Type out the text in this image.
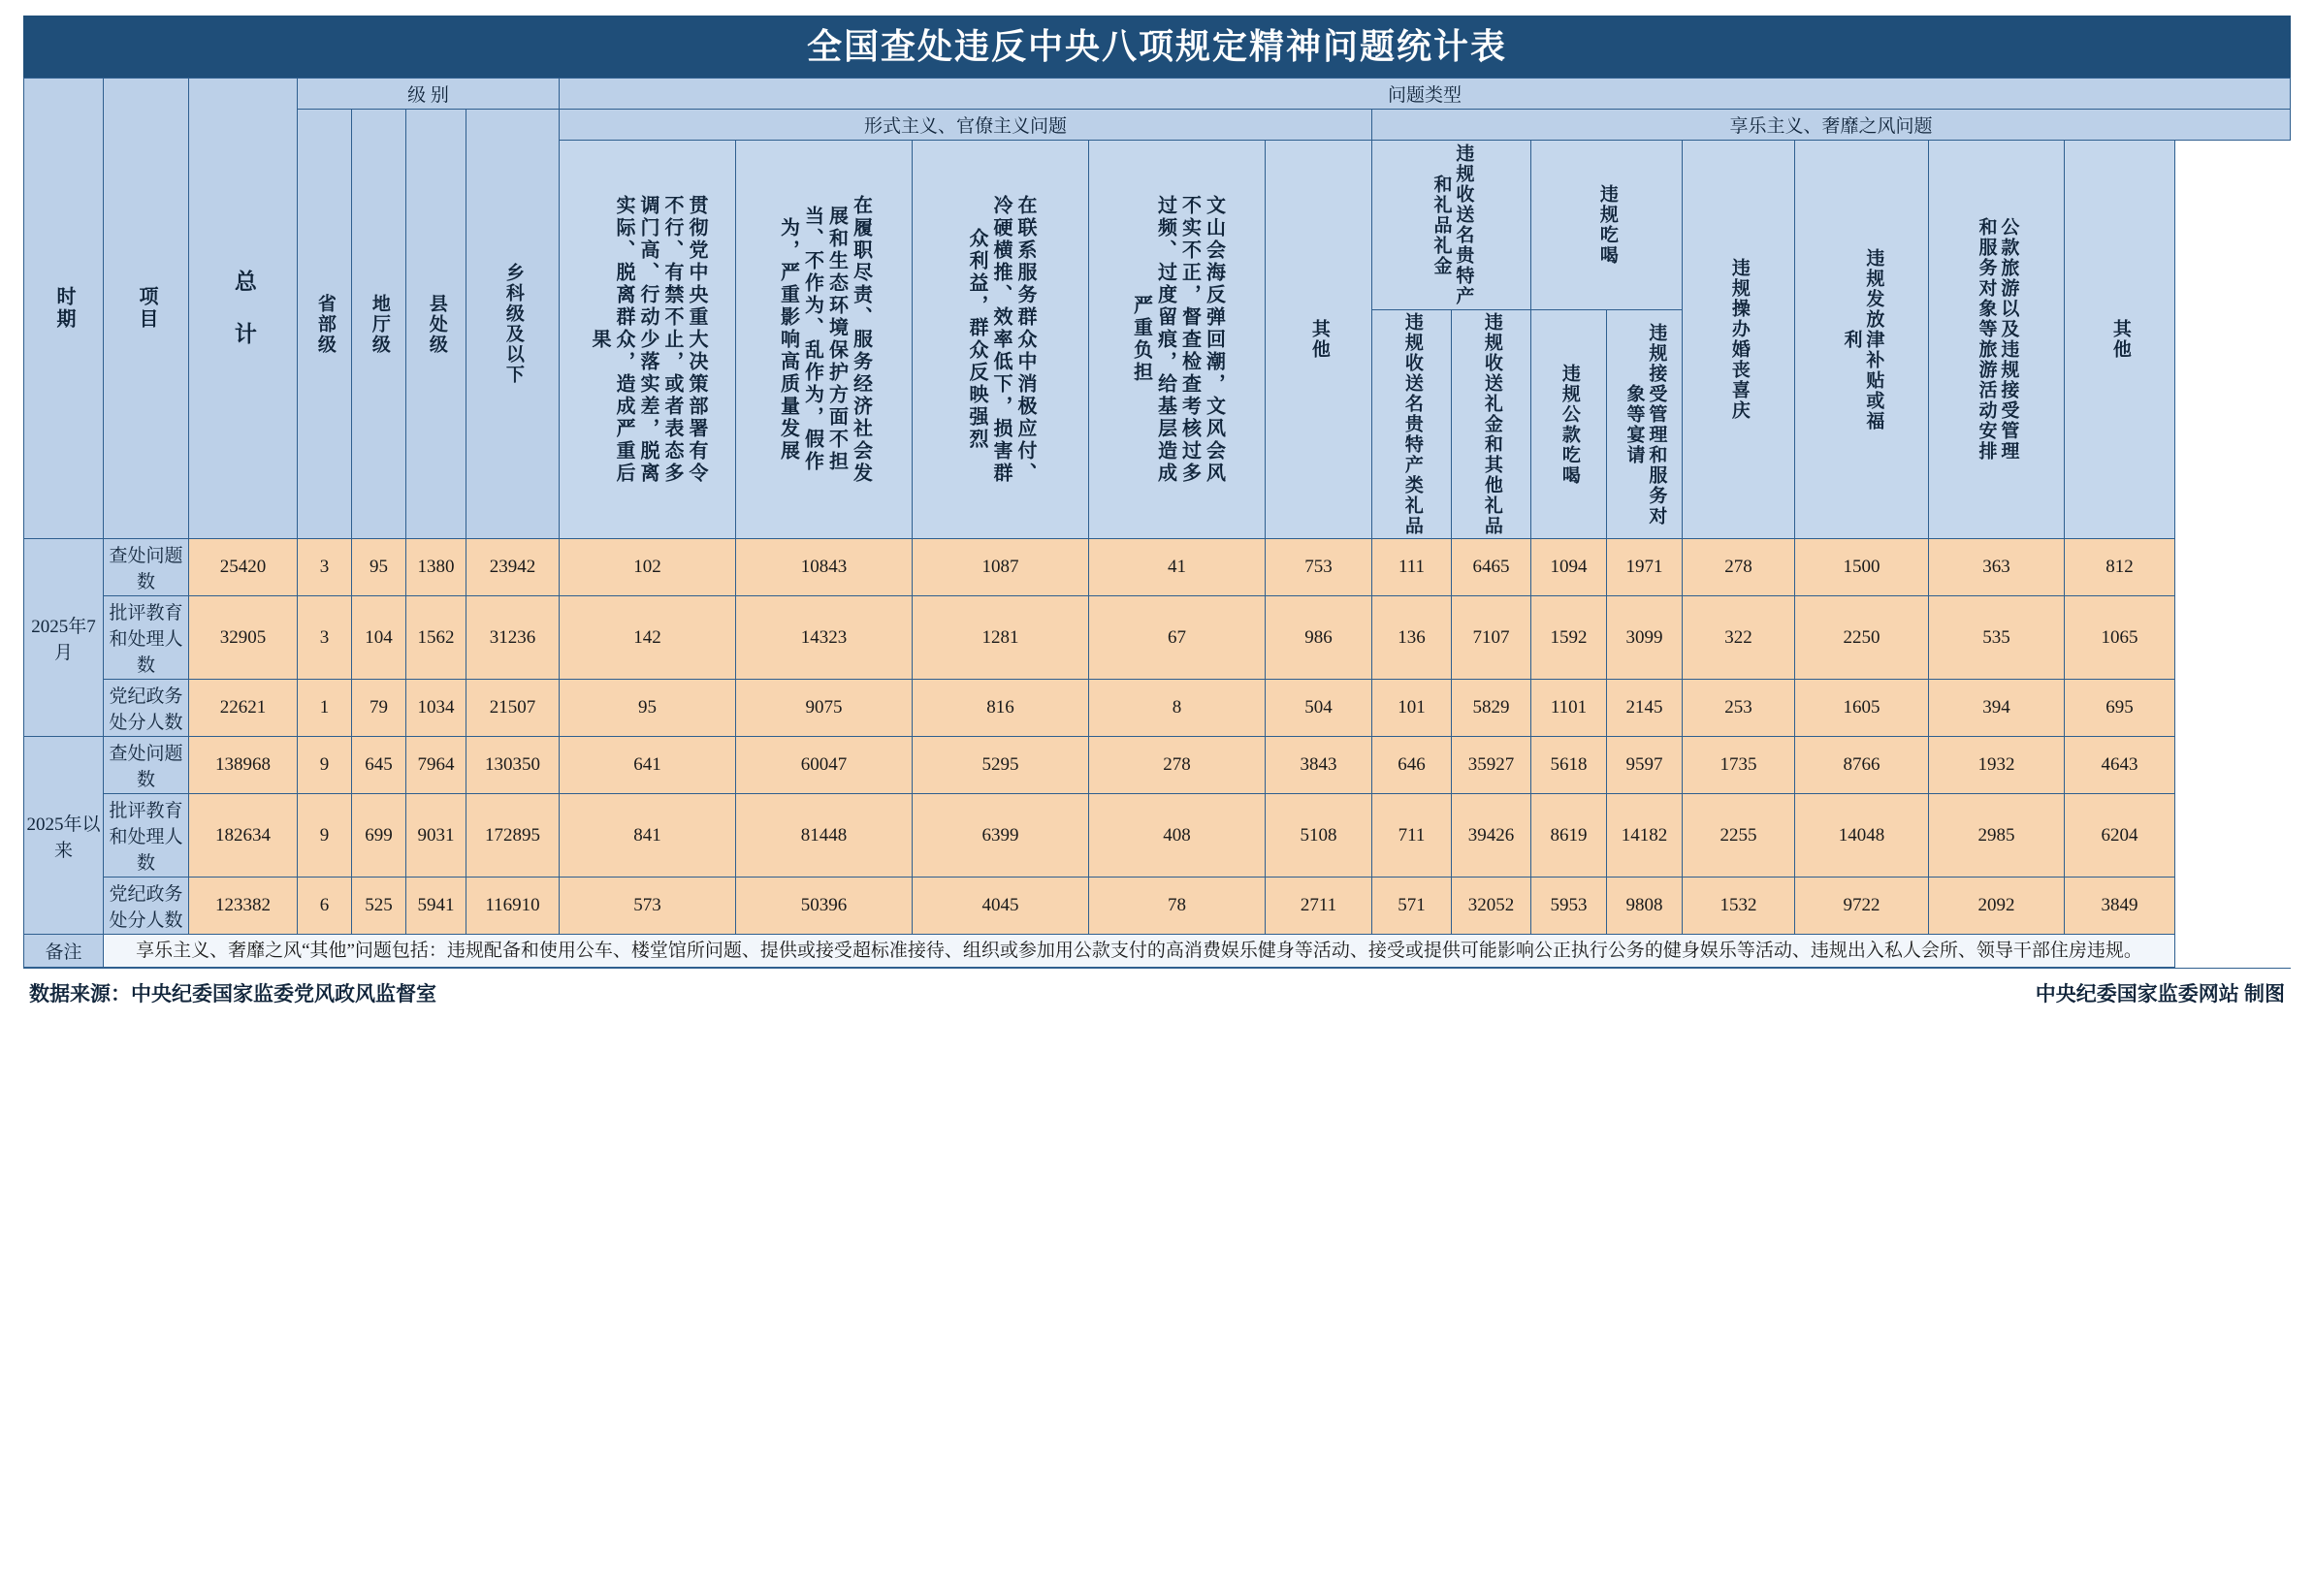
全国查处违反中央八项规定精神问题统计表
时期	项目	总 计	级 别				问题类型												

			省部级	地厅级	县处级	乡科级及以下	形式主义、官僚主义问题					享乐主义、奢靡之风问题							

							贯彻党中央重大决策部署有令不行、有禁不止，或者表态多调门高、行动少落实差，脱离实际、脱离群众，造成严重后果	在履职尽责、服务经济社会发展和生态环境保护方面不担当、不作为、乱作为，假作为，严重影响高质量发展	在联系服务群众中消极应付、冷硬横推、效率低下，损害群众利益，群众反映强烈	文山会海反弹回潮，文风会风不实不正，督查检查考核过多过频、过度留痕，给基层造成严重负担	其他	违规收送名贵特产和礼品礼金		违规吃喝		违规操办婚丧喜庆	违规发放津补贴或福利	公款旅游以及违规接受管理和服务对象等旅游活动安排	其他

												违规收送名贵特产类礼品	违规收送礼金和其他礼品	违规公款吃喝	违规接受管理和服务对象等宴请				

2025年7月	查处问题数	25420	3	95	1380	23942	102	10843	1087	41	753	111	6465	1094	1971	278	1500	363	812
	批评教育和处理人数	32905	3	104	1562	31236	142	14323	1281	67	986	136	7107	1592	3099	322	2250	535	1065
	党纪政务处分人数	22621	1	79	1034	21507	95	9075	816	8	504	101	5829	1101	2145	253	1605	394	695
2025年以来	查处问题数	138968	9	645	7964	130350	641	60047	5295	278	3843	646	35927	5618	9597	1735	8766	1932	4643
	批评教育和处理人数	182634	9	699	9031	172895	841	81448	6399	408	5108	711	39426	8619	14182	2255	14048	2985	6204
	党纪政务处分人数	123382	6	525	5941	116910	573	50396	4045	78	2711	571	32052	5953	9808	1532	9722	2092	3849
备注	享乐主义、奢靡之风“其他”问题包括：违规配备和使用公车、楼堂馆所问题、提供或接受超标准接待、组织或参加用公款支付的高消费娱乐健身等活动、接受或提供可能影响公正执行公务的健身娱乐等活动、违规出入私人会所、领导干部住房违规。																		
数据来源：中央纪委国家监委党风政风监督室	中央纪委国家监委网站 制图
